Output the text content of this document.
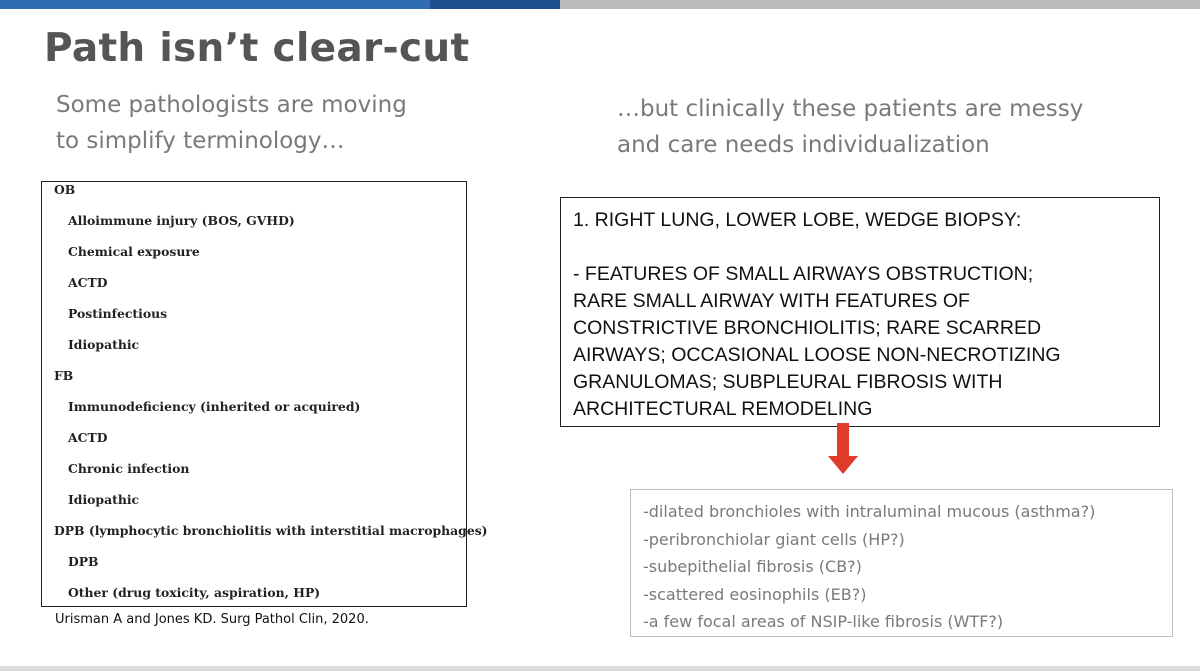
Path isn’t clear-cut
Some pathologists are moving
to simplify terminology…
…but clinically these patients are messy
and care needs individualization
OB
Alloimmune injury (BOS, GVHD)
Chemical exposure
ACTD
Postinfectious
Idiopathic
FB
Immunodeficiency (inherited or acquired)
ACTD
Chronic infection
Idiopathic
DPB (lymphocytic bronchiolitis with interstitial macrophages)
DPB
Other (drug toxicity, aspiration, HP)
Urisman A and Jones KD. Surg Pathol Clin, 2020.
1. RIGHT LUNG, LOWER LOBE, WEDGE BIOPSY:
- FEATURES OF SMALL AIRWAYS OBSTRUCTION;
RARE SMALL AIRWAY WITH FEATURES OF
CONSTRICTIVE BRONCHIOLITIS; RARE SCARRED
AIRWAYS; OCCASIONAL LOOSE NON-NECROTIZING
GRANULOMAS; SUBPLEURAL FIBROSIS WITH
ARCHITECTURAL REMODELING
-dilated bronchioles with intraluminal mucous (asthma?)
-peribronchiolar giant cells (HP?)
-subepithelial fibrosis (CB?)
-scattered eosinophils (EB?)
-a few focal areas of NSIP-like fibrosis (WTF?)
